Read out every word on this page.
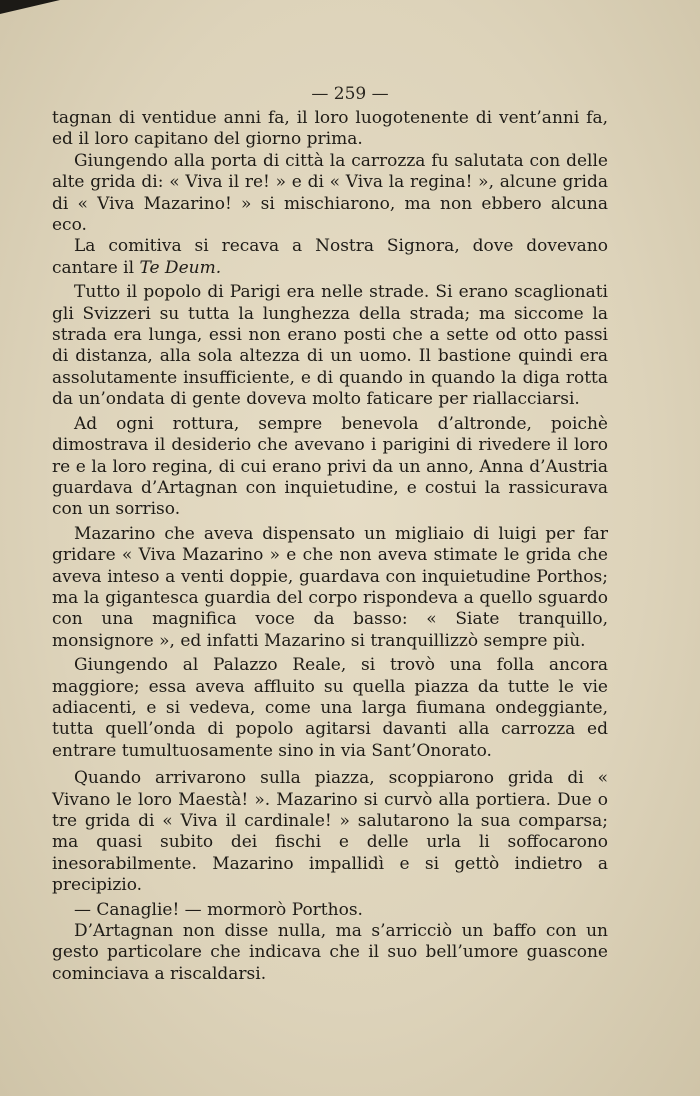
— 259 —

tagnan di ventidue anni fa, il loro luogotenente di vent’anni fa, ed il loro capitano del giorno prima.

Giungendo alla porta di città la carrozza fu salutata con delle alte grida di: « Viva il re! » e di « Viva la regina! », alcune grida di « Viva Mazarino! » si mischiarono, ma non ebbero alcuna eco.

La comitiva si recava a Nostra Signora, dove dovevano cantare il Te Deum.

Tutto il popolo di Parigi era nelle strade. Si erano scaglionati gli Svizzeri su tutta la lunghezza della strada; ma siccome la strada era lunga, essi non erano posti che a sette od otto passi di distanza, alla sola altezza di un uomo. Il bastione quindi era assolutamente insufficiente, e di quando in quando la diga rotta da un’ondata di gente doveva molto faticare per riallacciarsi.

Ad ogni rottura, sempre benevola d’altronde, poichè dimostrava il desiderio che avevano i parigini di rivedere il loro re e la loro regina, di cui erano privi da un anno, Anna d’Austria guardava d’Artagnan con inquietudine, e costui la rassicurava con un sorriso.

Mazarino che aveva dispensato un migliaio di luigi per far gridare « Viva Mazarino » e che non aveva stimate le grida che aveva inteso a venti doppie, guardava con inquietudine Porthos; ma la gigantesca guardia del corpo rispondeva a quello sguardo con una magnifica voce da basso: « Siate tranquillo, monsignore », ed infatti Mazarino si tranquillizzò sempre più.

Giungendo al Palazzo Reale, si trovò una folla ancora maggiore; essa aveva affluito su quella piazza da tutte le vie adiacenti, e si vedeva, come una larga fiumana ondeggiante, tutta quell’onda di popolo agitarsi davanti alla carrozza ed entrare tumultuosamente sino in via Sant’Onorato.

Quando arrivarono sulla piazza, scoppiarono grida di « Vivano le loro Maestà! ». Mazarino si curvò alla portiera. Due o tre grida di « Viva il cardinale! » salutarono la sua comparsa; ma quasi subito dei fischi e delle urla li soffocarono inesorabilmente. Mazarino impallidì e si gettò indietro a precipizio.

— Canaglie! — mormorò Porthos.

D’Artagnan non disse nulla, ma s’arricciò un baffo con un gesto particolare che indicava che il suo bell’umore guascone cominciava a riscaldarsi.
